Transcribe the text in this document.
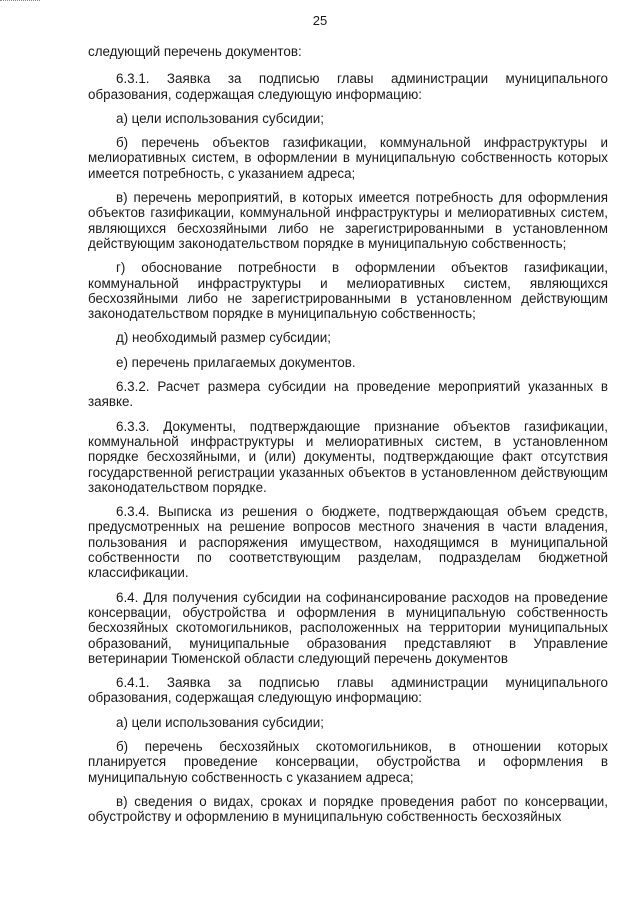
25

следующий перечень документов:

6.3.1. Заявка за подписью главы администрации муниципального образования, содержащая следующую информацию:

а) цели использования субсидии;

б) перечень объектов газификации, коммунальной инфраструктуры и мелиоративных систем, в оформлении в муниципальную собственность которых имеется потребность, с указанием адреса;

в) перечень мероприятий, в которых имеется потребность для оформления объектов газификации, коммунальной инфраструктуры и мелиоративных систем, являющихся бесхозяйными либо не зарегистрированными в установленном действующим законодательством порядке в муниципальную собственность;

г) обоснование потребности в оформлении объектов газификации, коммунальной инфраструктуры и мелиоративных систем, являющихся бесхозяйными либо не зарегистрированными в установленном действующим законодательством порядке в муниципальную собственность;

д) необходимый размер субсидии;

е) перечень прилагаемых документов.

6.3.2. Расчет размера субсидии на проведение мероприятий указанных в заявке.

6.3.3. Документы, подтверждающие признание объектов газификации, коммунальной инфраструктуры и мелиоративных систем, в установленном порядке бесхозяйными, и (или) документы, подтверждающие факт отсутствия государственной регистрации указанных объектов в установленном действующим законодательством порядке.

6.3.4. Выписка из решения о бюджете, подтверждающая объем средств, предусмотренных на решение вопросов местного значения в части владения, пользования и распоряжения имуществом, находящимся в муниципальной собственности по соответствующим разделам, подразделам бюджетной классификации.

6.4. Для получения субсидии на софинансирование расходов на проведение консервации, обустройства и оформления в муниципальную собственность бесхозяйных скотомогильников, расположенных на территории муниципальных образований, муниципальные образования представляют в Управление ветеринарии Тюменской области следующий перечень документов

6.4.1. Заявка за подписью главы администрации муниципального образования, содержащая следующую информацию:

а) цели использования субсидии;

б) перечень бесхозяйных скотомогильников, в отношении которых планируется проведение консервации, обустройства и оформления в муниципальную собственность с указанием адреса;

в) сведения о видах, сроках и порядке проведения работ по консервации, обустройству и оформлению в муниципальную собственность бесхозяйных
